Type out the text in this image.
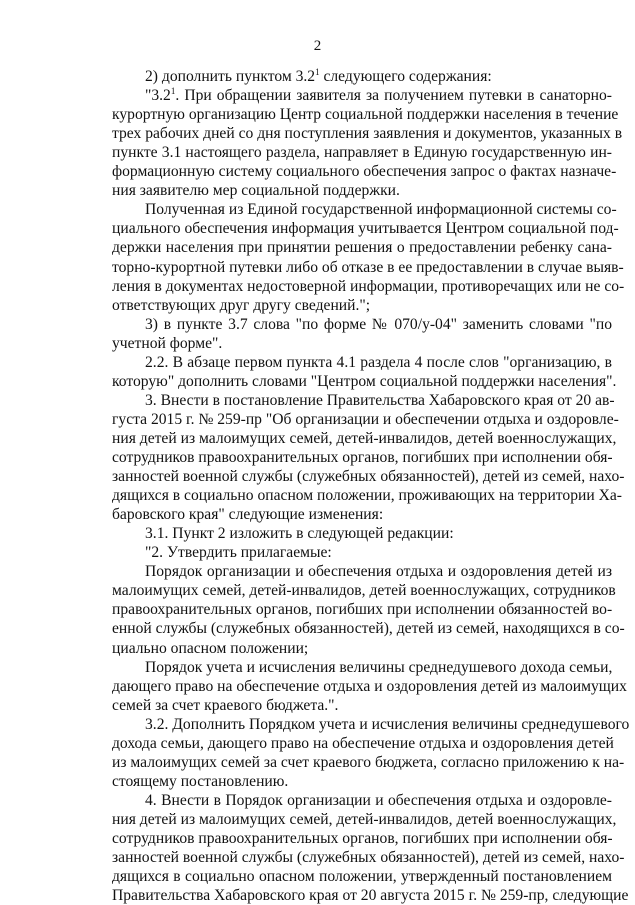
2
2) дополнить пунктом $3.2^1$ следующего содержания:
"$3.2^1$. При обращении заявителя за получением путевки в санаторно-
курортную организацию Центр социальной поддержки населения в течение
трех рабочих дней со дня поступления заявления и документов, указанных в
пункте 3.1 настоящего раздела, направляет в Единую государственную ин-
формационную систему социального обеспечения запрос о фактах назначе-
ния заявителю мер социальной поддержки.
Полученная из Единой государственной информационной системы со-
циального обеспечения информация учитывается Центром социальной под-
держки населения при принятии решения о предоставлении ребенку сана-
торно-курортной путевки либо об отказе в ее предоставлении в случае выяв-
ления в документах недостоверной информации, противоречащих или не со-
ответствующих друг другу сведений.";
3) в пункте 3.7 слова "по форме № 070/у-04" заменить словами "по
учетной форме".
2.2. В абзаце первом пункта 4.1 раздела 4 после слов "организацию, в
которую" дополнить словами "Центром социальной поддержки населения".
3. Внести в постановление Правительства Хабаровского края от 20 ав-
густа 2015 г. № 259-пр "Об организации и обеспечении отдыха и оздоровле-
ния детей из малоимущих семей, детей-инвалидов, детей военнослужащих,
сотрудников правоохранительных органов, погибших при исполнении обя-
занностей военной службы (служебных обязанностей), детей из семей, нахо-
дящихся в социально опасном положении, проживающих на территории Ха-
баровского края" следующие изменения:
3.1. Пункт 2 изложить в следующей редакции:
"2. Утвердить прилагаемые:
Порядок организации и обеспечения отдыха и оздоровления детей из
малоимущих семей, детей-инвалидов, детей военнослужащих, сотрудников
правоохранительных органов, погибших при исполнении обязанностей во-
енной службы (служебных обязанностей), детей из семей, находящихся в со-
циально опасном положении;
Порядок учета и исчисления величины среднедушевого дохода семьи,
дающего право на обеспечение отдыха и оздоровления детей из малоимущих
семей за счет краевого бюджета.".
3.2. Дополнить Порядком учета и исчисления величины среднедушевого
дохода семьи, дающего право на обеспечение отдыха и оздоровления детей
из малоимущих семей за счет краевого бюджета, согласно приложению к на-
стоящему постановлению.
4. Внести в Порядок организации и обеспечения отдыха и оздоровле-
ния детей из малоимущих семей, детей-инвалидов, детей военнослужащих,
сотрудников правоохранительных органов, погибших при исполнении обя-
занностей военной службы (служебных обязанностей), детей из семей, нахо-
дящихся в социально опасном положении, утвержденный постановлением
Правительства Хабаровского края от 20 августа 2015 г. № 259-пр, следующие
